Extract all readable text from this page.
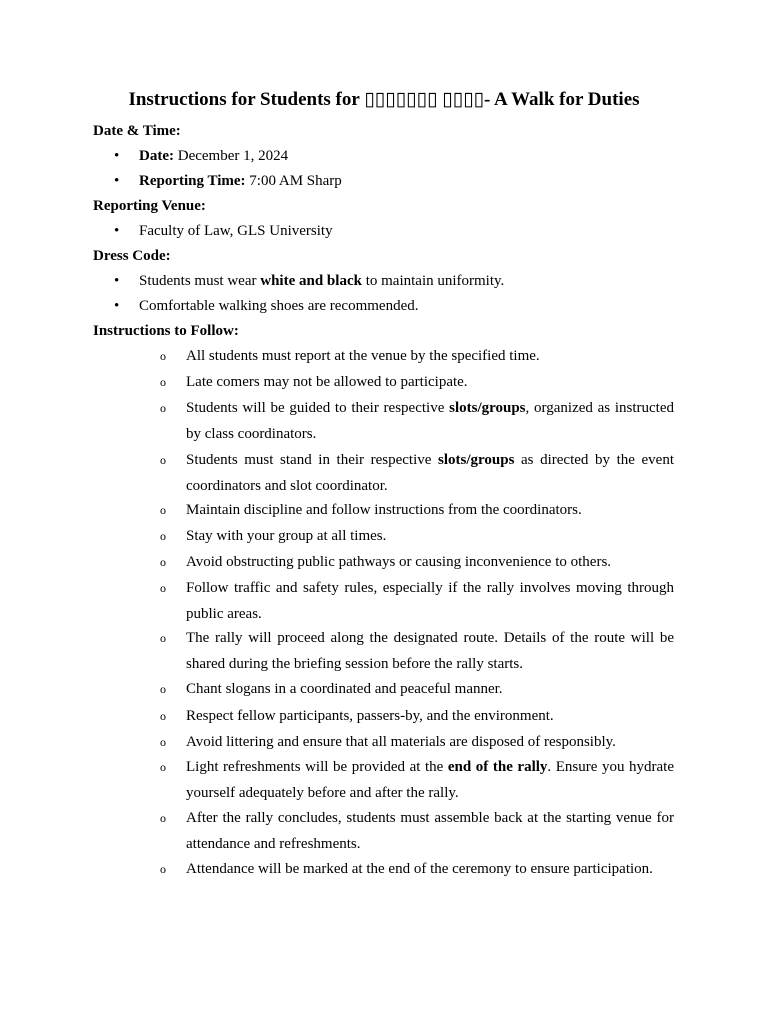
Instructions for Students for ▯▯▯▯▯▯▯ ▯▯▯▯- A Walk for Duties
Date & Time:
•	Date: December 1, 2024
•	Reporting Time: 7:00 AM Sharp
Reporting Venue:
•	Faculty of Law, GLS University
Dress Code:
•	Students must wear white and black to maintain uniformity.
•	Comfortable walking shoes are recommended.
Instructions to Follow:
o All students must report at the venue by the specified time.
o Late comers may not be allowed to participate.
o Students will be guided to their respective slots/groups, organized as instructed by class coordinators.
o Students must stand in their respective slots/groups as directed by the event coordinators and slot coordinator.
o Maintain discipline and follow instructions from the coordinators.
o Stay with your group at all times.
o Avoid obstructing public pathways or causing inconvenience to others.
o Follow traffic and safety rules, especially if the rally involves moving through public areas.
o The rally will proceed along the designated route. Details of the route will be shared during the briefing session before the rally starts.
o Chant slogans in a coordinated and peaceful manner.
o Respect fellow participants, passers-by, and the environment.
o Avoid littering and ensure that all materials are disposed of responsibly.
o Light refreshments will be provided at the end of the rally. Ensure you hydrate yourself adequately before and after the rally.
o After the rally concludes, students must assemble back at the starting venue for attendance and refreshments.
o Attendance will be marked at the end of the ceremony to ensure participation.
